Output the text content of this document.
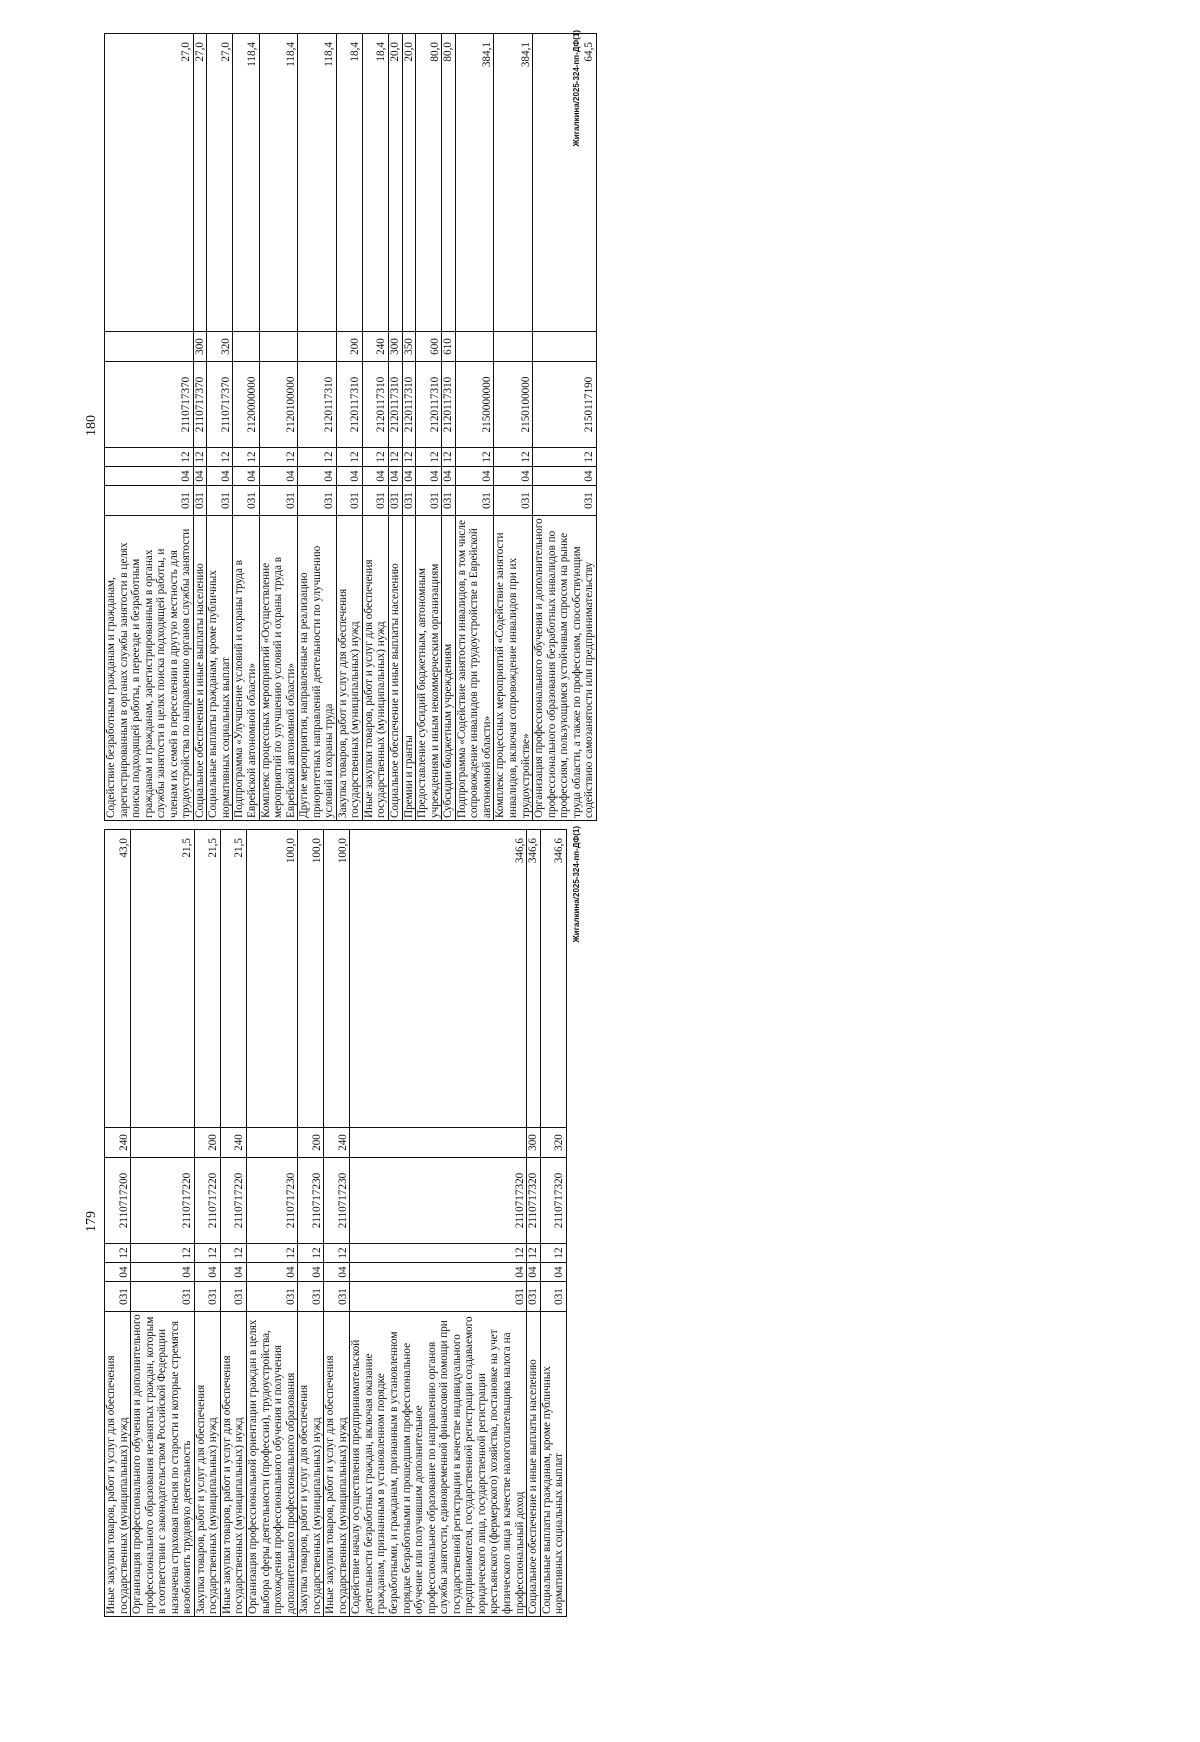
179
Иные закупки товаров, работ и услуг для обеспечения государственных (муниципальных) нужд	031	04	12	2110717200	240	43,0
Организация профессионального обучения и дополнительного профессионального образования незанятых граждан, которым в соответствии с законодательством Российской Федерации назначена страховая пенсия по старости и которые стремятся возобновить трудовую деятельность	031	04	12	2110717220		21,5
Закупка товаров, работ и услуг для обеспечения государственных (муниципальных) нужд	031	04	12	2110717220	200	21,5
Иные закупки товаров, работ и услуг для обеспечения государственных (муниципальных) нужд	031	04	12	2110717220	240	21,5
Организация профессиональной ориентации граждан в целях выбора сферы деятельности (профессии), трудоустройства, прохождения профессионального обучения и получения дополнительного профессионального образования	031	04	12	2110717230		100,0
Закупка товаров, работ и услуг для обеспечения государственных (муниципальных) нужд	031	04	12	2110717230	200	100,0
Иные закупки товаров, работ и услуг для обеспечения государственных (муниципальных) нужд	031	04	12	2110717230	240	100,0
Содействие началу осуществления предпринимательской деятельности безработных граждан, включая оказание гражданам, признанным в установленном порядке безработными, и гражданам, признанным в установленном порядке безработными и прошедшим профессиональное обучение или получившим дополнительное профессиональное образование по направлению органов службы занятости, единовременной финансовой помощи при государственной регистрации в качестве индивидуального предпринимателя, государственной регистрации создаваемого юридического лица, государственной регистрации крестьянского (фермерского) хозяйства, постановке на учет физического лица в качестве налогоплательщика налога на профессиональный доход	031	04	12	2110717320		346,6
Социальное обеспечение и иные выплаты населению	031	04	12	2110717320	300	346,6
Социальные выплаты гражданам, кроме публичных нормативных социальных выплат	031	04	12	2110717320	320	346,6 Жигалкина/2025-324-пп-ДФ(1)
180
Содействие безработным гражданам и гражданам, зарегистрированным в органах службы занятости в целях поиска подходящей работы, в переезде и безработным гражданам и гражданам, зарегистрированным в органах службы занятости в целях поиска подходящей работы, и членам их семей в переселении в другую местность для трудоустройства по направлению органов службы занятости	031	04	12	2110717370		27,0
Социальное обеспечение и иные выплаты населению	031	04	12	2110717370	300	27,0
Социальные выплаты гражданам, кроме публичных нормативных социальных выплат	031	04	12	2110717370	320	27,0
Подпрограмма «Улучшение условий и охраны труда в Еврейской автономной области»	031	04	12	2120000000		118,4
Комплекс процессных мероприятий «Осуществление мероприятий по улучшению условий и охраны труда в Еврейской автономной области»	031	04	12	2120100000		118,4
Другие мероприятия, направленные на реализацию приоритетных направлений деятельности по улучшению условий и охраны труда	031	04	12	2120117310		118,4
Закупка товаров, работ и услуг для обеспечения государственных (муниципальных) нужд	031	04	12	2120117310	200	18,4
Иные закупки товаров, работ и услуг для обеспечения государственных (муниципальных) нужд	031	04	12	2120117310	240	18,4
Социальное обеспечение и иные выплаты населению	031	04	12	2120117310	300	20,0
Премии и гранты	031	04	12	2120117310	350	20,0
Предоставление субсидий бюджетным, автономным учреждениям и иным некоммерческим организациям	031	04	12	2120117310	600	80,0
Субсидии бюджетным учреждениям	031	04	12	2120117310	610	80,0
Подпрограмма «Содействие занятости инвалидов, в том числе сопровождение инвалидов при трудоустройстве в Еврейской автономной области»	031	04	12	2150000000		384,1
Комплекс процессных мероприятий «Содействие занятости инвалидов, включая сопровождение инвалидов при их трудоустройстве»	031	04	12	2150100000		384,1
Организация профессионального обучения и дополнительного профессионального образования безработных инвалидов по профессиям, пользующимся устойчивым спросом на рынке труда области, а также по профессиям, способствующим содействию самозанятости или предпринимательству	031	04	12	2150117190		64,5
Жигалкина/2025-324-пп-ДФ(1)
